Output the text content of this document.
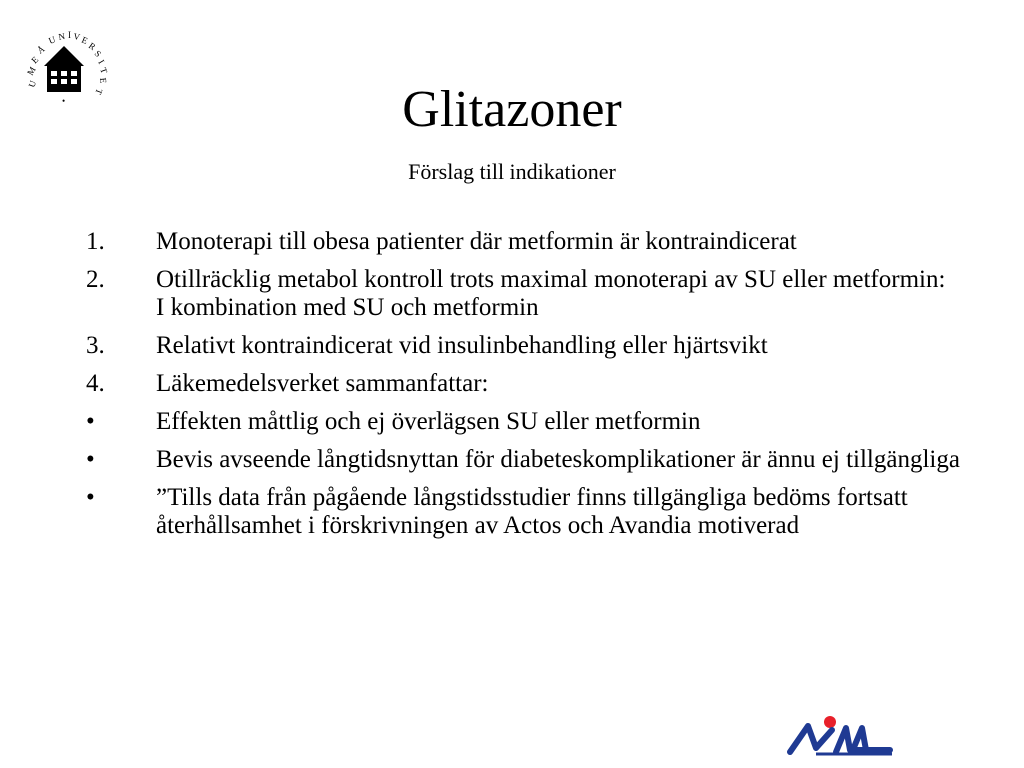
U
M
E
Å
U N I V E
R
S
I
T
E
T
•	Glitazoner
Förslag till indikationer
1.	Monoterapi till obesa patienter där metformin är kontraindicerat
2.	Otillräcklig metabol kontroll trots maximal monoterapi av SU eller metformin:
I kombination med SU och metformin
3.	Relativt kontraindicerat vid insulinbehandling eller hjärtsvikt
4.	Läkemedelsverket sammanfattar:
•	Effekten måttlig och ej överlägsen SU eller metformin
•	Bevis avseende långtidsnyttan för diabeteskomplikationer är ännu ej tillgängliga
•	”Tills data från pågående långstidsstudier finns tillgängliga bedöms fortsatt återhållsamhet i förskrivningen av Actos och Avandia motiverad
